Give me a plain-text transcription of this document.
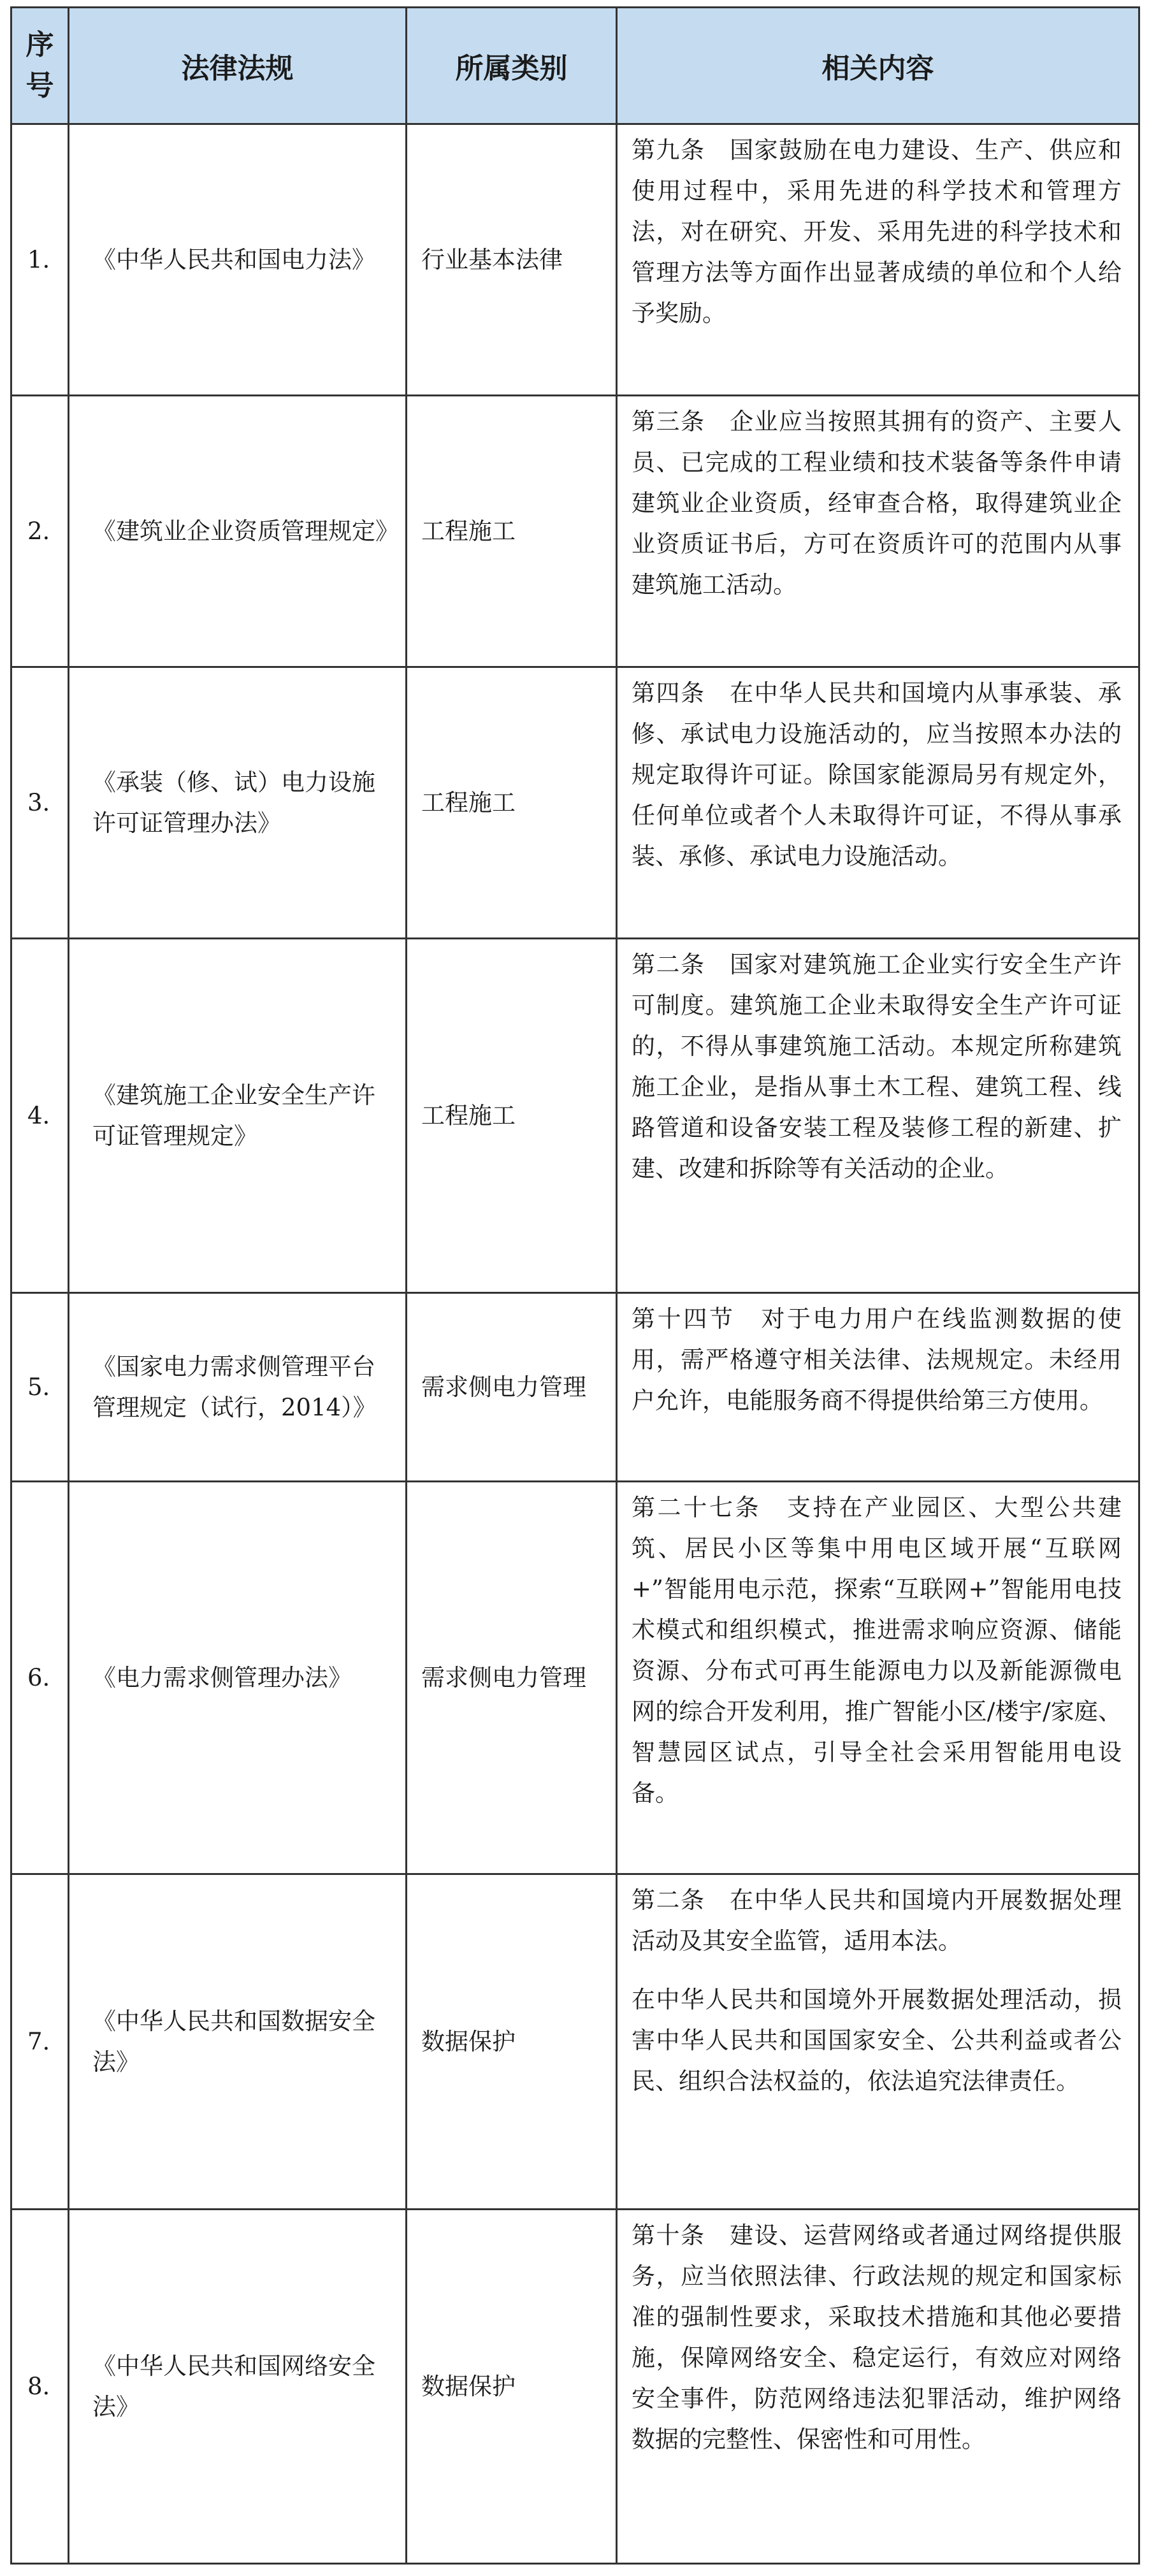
序号	法律法规	所属类别	相关内容
1.	《中华人民共和国电力法》	行业基本法律	第九条　国家鼓励在电力建设、生产、供应和使用过程中，采用先进的科学技术和管理方法，对在研究、开发、采用先进的科学技术和管理方法等方面作出显著成绩的单位和个人给予奖励。

2.	《建筑业企业资质管理规定》	工程施工	第三条　企业应当按照其拥有的资产、主要人员、已完成的工程业绩和技术装备等条件申请建筑业企业资质，经审查合格，取得建筑业企业资质证书后，方可在资质许可的范围内从事建筑施工活动。

3.	《承装（修、试）电力设施许可证管理办法》	工程施工	第四条　在中华人民共和国境内从事承装、承修、承试电力设施活动的，应当按照本办法的规定取得许可证。除国家能源局另有规定外，任何单位或者个人未取得许可证，不得从事承装、承修、承试电力设施活动。

4.	《建筑施工企业安全生产许可证管理规定》	工程施工	第二条　国家对建筑施工企业实行安全生产许可制度。建筑施工企业未取得安全生产许可证的，不得从事建筑施工活动。本规定所称建筑施工企业，是指从事土木工程、建筑工程、线路管道和设备安装工程及装修工程的新建、扩建、改建和拆除等有关活动的企业。

5.	《国家电力需求侧管理平台管理规定（试行，2014）》	需求侧电力管理	第十四节　对于电力用户在线监测数据的使用，需严格遵守相关法律、法规规定。未经用户允许，电能服务商不得提供给第三方使用。

6.	《电力需求侧管理办法》	需求侧电力管理	第二十七条　支持在产业园区、大型公共建筑、居民小区等集中用电区域开展“互联网+”智能用电示范，探索“互联网+”智能用电技术模式和组织模式，推进需求响应资源、储能资源、分布式可再生能源电力以及新能源微电网的综合开发利用，推广智能小区/楼宇/家庭、智慧园区试点，引导全社会采用智能用电设备。

7.	《中华人民共和国数据安全法》	数据保护	第二条　在中华人民共和国境内开展数据处理活动及其安全监管，适用本法。

在中华人民共和国境外开展数据处理活动，损害中华人民共和国国家安全、公共利益或者公民、组织合法权益的，依法追究法律责任。

8.	《中华人民共和国网络安全法》	数据保护	第十条　建设、运营网络或者通过网络提供服务，应当依照法律、行政法规的规定和国家标准的强制性要求，采取技术措施和其他必要措施，保障网络安全、稳定运行，有效应对网络安全事件，防范网络违法犯罪活动，维护网络数据的完整性、保密性和可用性。
